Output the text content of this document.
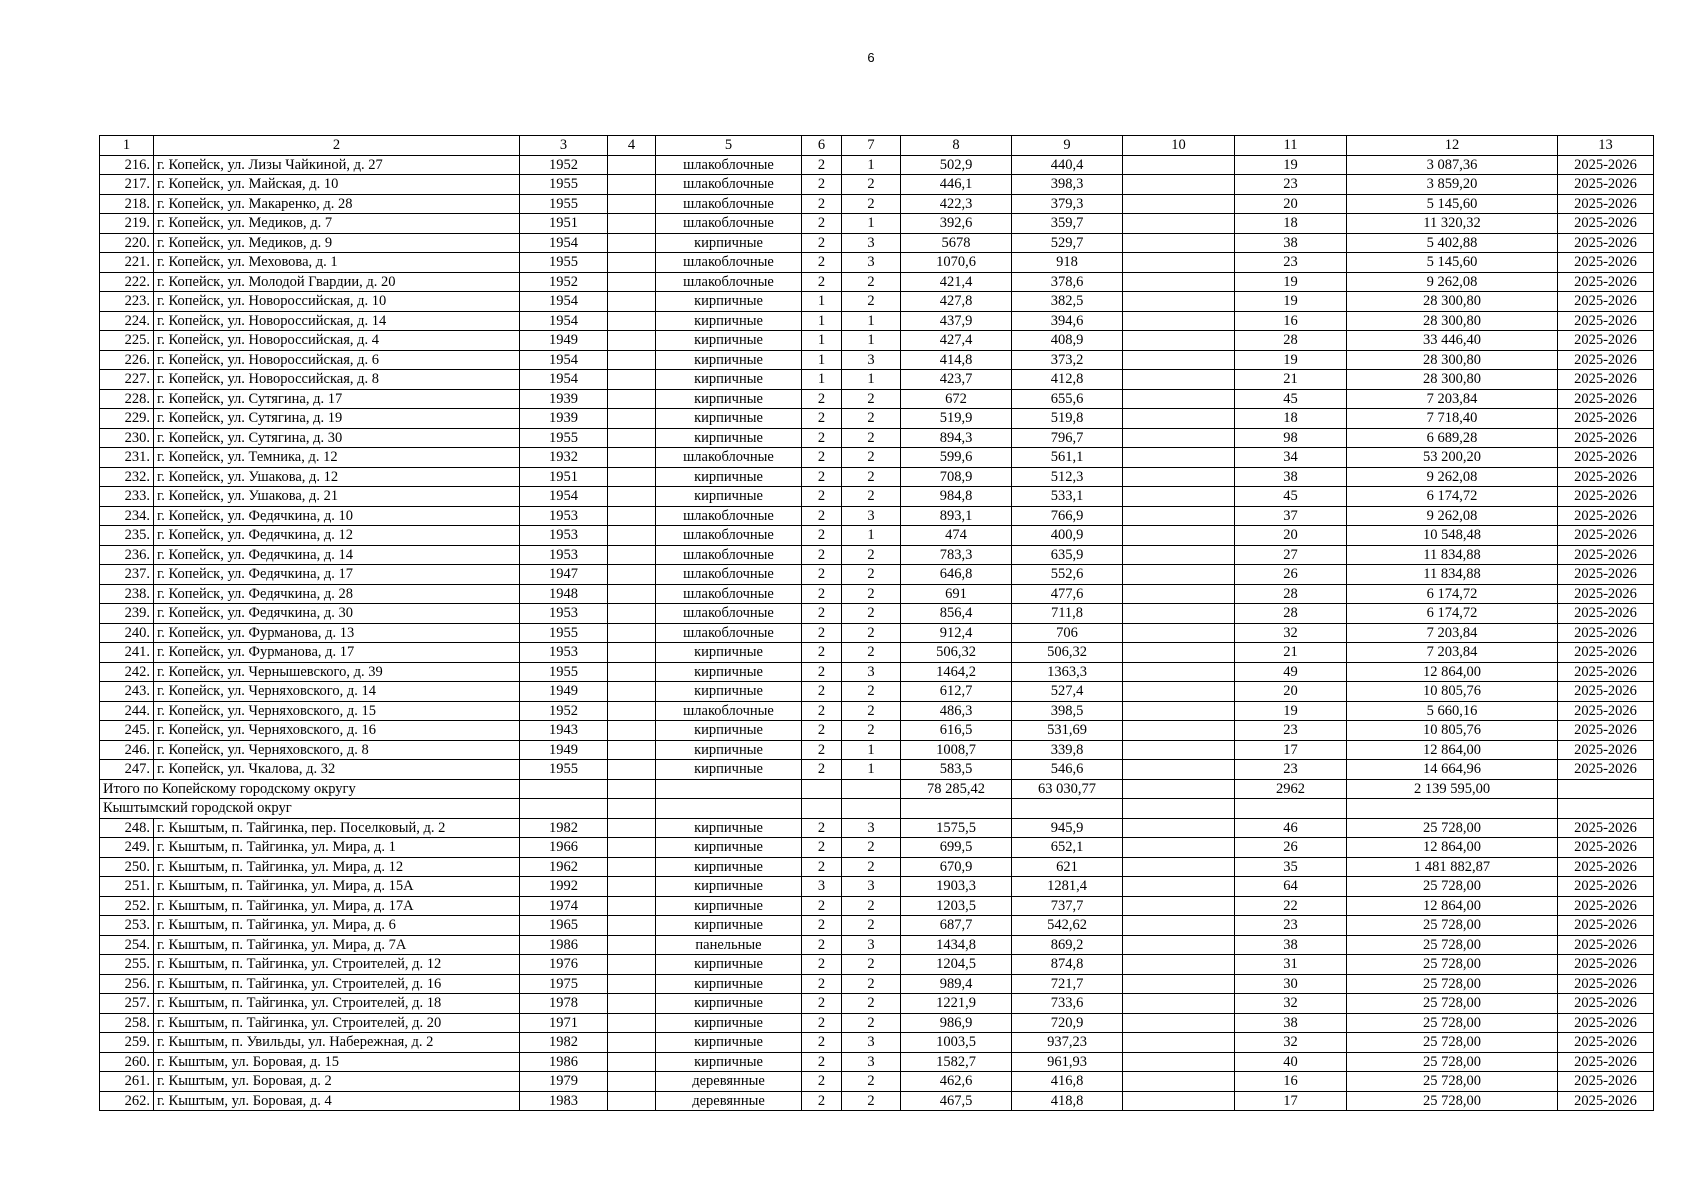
6
1	2	3	4	5	6	7	8	9	10	11	12	13
216.	г. Копейск, ул. Лизы Чайкиной, д. 27	1952		шлакоблочные	2	1	502,9	440,4		19	3 087,36	2025-2026
217.	г. Копейск, ул. Майская, д. 10	1955		шлакоблочные	2	2	446,1	398,3		23	3 859,20	2025-2026
218.	г. Копейск, ул. Макаренко, д. 28	1955		шлакоблочные	2	2	422,3	379,3		20	5 145,60	2025-2026
219.	г. Копейск, ул. Медиков, д. 7	1951		шлакоблочные	2	1	392,6	359,7		18	11 320,32	2025-2026
220.	г. Копейск, ул. Медиков, д. 9	1954		кирпичные	2	3	5678	529,7		38	5 402,88	2025-2026
221.	г. Копейск, ул. Меховова, д. 1	1955		шлакоблочные	2	3	1070,6	918		23	5 145,60	2025-2026
222.	г. Копейск, ул. Молодой Гвардии, д. 20	1952		шлакоблочные	2	2	421,4	378,6		19	9 262,08	2025-2026
223.	г. Копейск, ул. Новороссийская, д. 10	1954		кирпичные	1	2	427,8	382,5		19	28 300,80	2025-2026
224.	г. Копейск, ул. Новороссийская, д. 14	1954		кирпичные	1	1	437,9	394,6		16	28 300,80	2025-2026
225.	г. Копейск, ул. Новороссийская, д. 4	1949		кирпичные	1	1	427,4	408,9		28	33 446,40	2025-2026
226.	г. Копейск, ул. Новороссийская, д. 6	1954		кирпичные	1	3	414,8	373,2		19	28 300,80	2025-2026
227.	г. Копейск, ул. Новороссийская, д. 8	1954		кирпичные	1	1	423,7	412,8		21	28 300,80	2025-2026
228.	г. Копейск, ул. Сутягина, д. 17	1939		кирпичные	2	2	672	655,6		45	7 203,84	2025-2026
229.	г. Копейск, ул. Сутягина, д. 19	1939		кирпичные	2	2	519,9	519,8		18	7 718,40	2025-2026
230.	г. Копейск, ул. Сутягина, д. 30	1955		кирпичные	2	2	894,3	796,7		98	6 689,28	2025-2026
231.	г. Копейск, ул. Темника, д. 12	1932		шлакоблочные	2	2	599,6	561,1		34	53 200,20	2025-2026
232.	г. Копейск, ул. Ушакова, д. 12	1951		кирпичные	2	2	708,9	512,3		38	9 262,08	2025-2026
233.	г. Копейск, ул. Ушакова, д. 21	1954		кирпичные	2	2	984,8	533,1		45	6 174,72	2025-2026
234.	г. Копейск, ул. Федячкина, д. 10	1953		шлакоблочные	2	3	893,1	766,9		37	9 262,08	2025-2026
235.	г. Копейск, ул. Федячкина, д. 12	1953		шлакоблочные	2	1	474	400,9		20	10 548,48	2025-2026
236.	г. Копейск, ул. Федячкина, д. 14	1953		шлакоблочные	2	2	783,3	635,9		27	11 834,88	2025-2026
237.	г. Копейск, ул. Федячкина, д. 17	1947		шлакоблочные	2	2	646,8	552,6		26	11 834,88	2025-2026
238.	г. Копейск, ул. Федячкина, д. 28	1948		шлакоблочные	2	2	691	477,6		28	6 174,72	2025-2026
239.	г. Копейск, ул. Федячкина, д. 30	1953		шлакоблочные	2	2	856,4	711,8		28	6 174,72	2025-2026
240.	г. Копейск, ул. Фурманова, д. 13	1955		шлакоблочные	2	2	912,4	706		32	7 203,84	2025-2026
241.	г. Копейск, ул. Фурманова, д. 17	1953		кирпичные	2	2	506,32	506,32		21	7 203,84	2025-2026
242.	г. Копейск, ул. Чернышевского, д. 39	1955		кирпичные	2	3	1464,2	1363,3		49	12 864,00	2025-2026
243.	г. Копейск, ул. Черняховского, д. 14	1949		кирпичные	2	2	612,7	527,4		20	10 805,76	2025-2026
244.	г. Копейск, ул. Черняховского, д. 15	1952		шлакоблочные	2	2	486,3	398,5		19	5 660,16	2025-2026
245.	г. Копейск, ул. Черняховского, д. 16	1943		кирпичные	2	2	616,5	531,69		23	10 805,76	2025-2026
246.	г. Копейск, ул. Черняховского, д. 8	1949		кирпичные	2	1	1008,7	339,8		17	12 864,00	2025-2026
247.	г. Копейск, ул. Чкалова, д. 32	1955		кирпичные	2	1	583,5	546,6		23	14 664,96	2025-2026
Итого по Копейскому городскому округу							78 285,42	63 030,77		2962	2 139 595,00	
Кыштымский городской округ												
248.	г. Кыштым, п. Тайгинка, пер. Поселковый, д. 2	1982		кирпичные	2	3	1575,5	945,9		46	25 728,00	2025-2026
249.	г. Кыштым, п. Тайгинка, ул. Мира, д. 1	1966		кирпичные	2	2	699,5	652,1		26	12 864,00	2025-2026
250.	г. Кыштым, п. Тайгинка, ул. Мира, д. 12	1962		кирпичные	2	2	670,9	621		35	1 481 882,87	2025-2026
251.	г. Кыштым, п. Тайгинка, ул. Мира, д. 15А	1992		кирпичные	3	3	1903,3	1281,4		64	25 728,00	2025-2026
252.	г. Кыштым, п. Тайгинка, ул. Мира, д. 17А	1974		кирпичные	2	2	1203,5	737,7		22	12 864,00	2025-2026
253.	г. Кыштым, п. Тайгинка, ул. Мира, д. 6	1965		кирпичные	2	2	687,7	542,62		23	25 728,00	2025-2026
254.	г. Кыштым, п. Тайгинка, ул. Мира, д. 7А	1986		панельные	2	3	1434,8	869,2		38	25 728,00	2025-2026
255.	г. Кыштым, п. Тайгинка, ул. Строителей, д. 12	1976		кирпичные	2	2	1204,5	874,8		31	25 728,00	2025-2026
256.	г. Кыштым, п. Тайгинка, ул. Строителей, д. 16	1975		кирпичные	2	2	989,4	721,7		30	25 728,00	2025-2026
257.	г. Кыштым, п. Тайгинка, ул. Строителей, д. 18	1978		кирпичные	2	2	1221,9	733,6		32	25 728,00	2025-2026
258.	г. Кыштым, п. Тайгинка, ул. Строителей, д. 20	1971		кирпичные	2	2	986,9	720,9		38	25 728,00	2025-2026
259.	г. Кыштым, п. Увильды, ул. Набережная, д. 2	1982		кирпичные	2	3	1003,5	937,23		32	25 728,00	2025-2026
260.	г. Кыштым, ул. Боровая, д. 15	1986		кирпичные	2	3	1582,7	961,93		40	25 728,00	2025-2026
261.	г. Кыштым, ул. Боровая, д. 2	1979		деревянные	2	2	462,6	416,8		16	25 728,00	2025-2026
262.	г. Кыштым, ул. Боровая, д. 4	1983		деревянные	2	2	467,5	418,8		17	25 728,00	2025-2026
